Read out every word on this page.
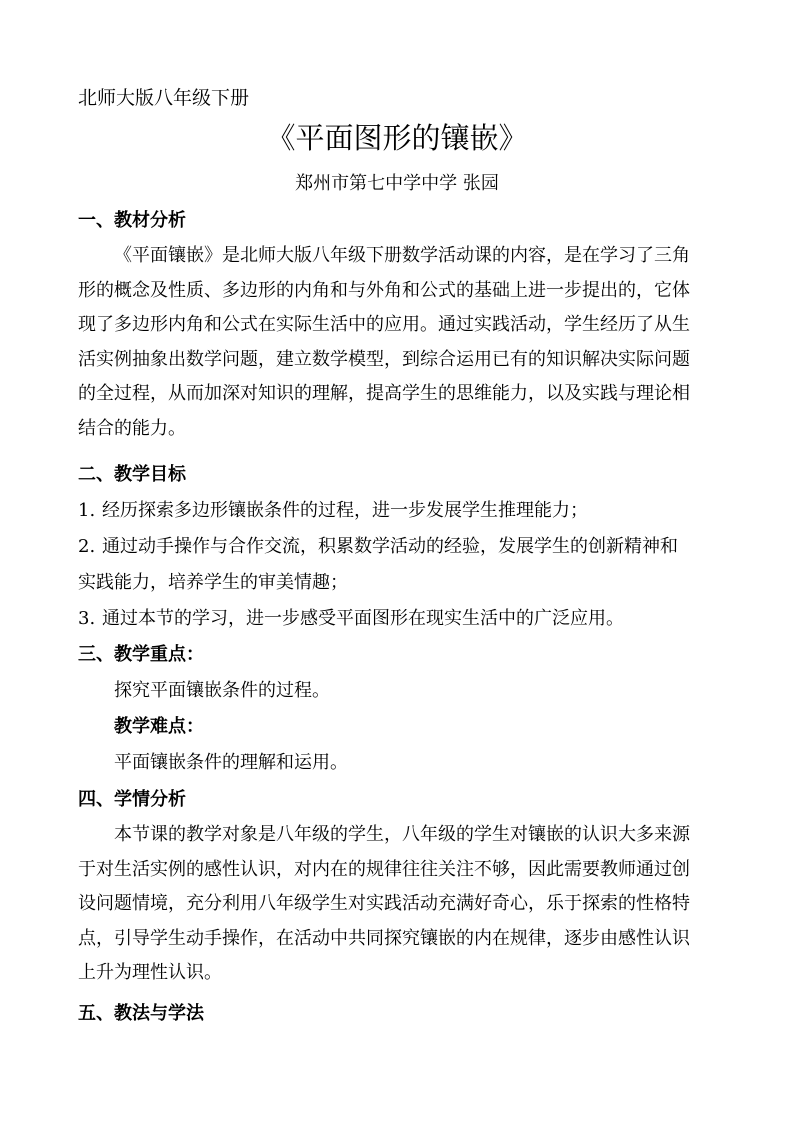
北师大版八年级下册
《平面图形的镶嵌》
郑州市第七中学中学 张园
一、教材分析
《平面镶嵌》是北师大版八年级下册数学活动课的内容，是在学习了三角
形的概念及性质、多边形的内角和与外角和公式的基础上进一步提出的，它体
现了多边形内角和公式在实际生活中的应用。通过实践活动，学生经历了从生
活实例抽象出数学问题，建立数学模型，到综合运用已有的知识解决实际问题
的全过程，从而加深对知识的理解，提高学生的思维能力，以及实践与理论相
结合的能力。
二、教学目标
1. 经历探索多边形镶嵌条件的过程，进一步发展学生推理能力；
2. 通过动手操作与合作交流，积累数学活动的经验，发展学生的创新精神和
实践能力，培养学生的审美情趣；
3. 通过本节的学习，进一步感受平面图形在现实生活中的广泛应用。
三、教学重点：
探究平面镶嵌条件的过程。
教学难点：
平面镶嵌条件的理解和运用。
四、学情分析
本节课的教学对象是八年级的学生，八年级的学生对镶嵌的认识大多来源
于对生活实例的感性认识，对内在的规律往往关注不够，因此需要教师通过创
设问题情境，充分利用八年级学生对实践活动充满好奇心，乐于探索的性格特
点，引导学生动手操作，在活动中共同探究镶嵌的内在规律，逐步由感性认识
上升为理性认识。
五、教法与学法
